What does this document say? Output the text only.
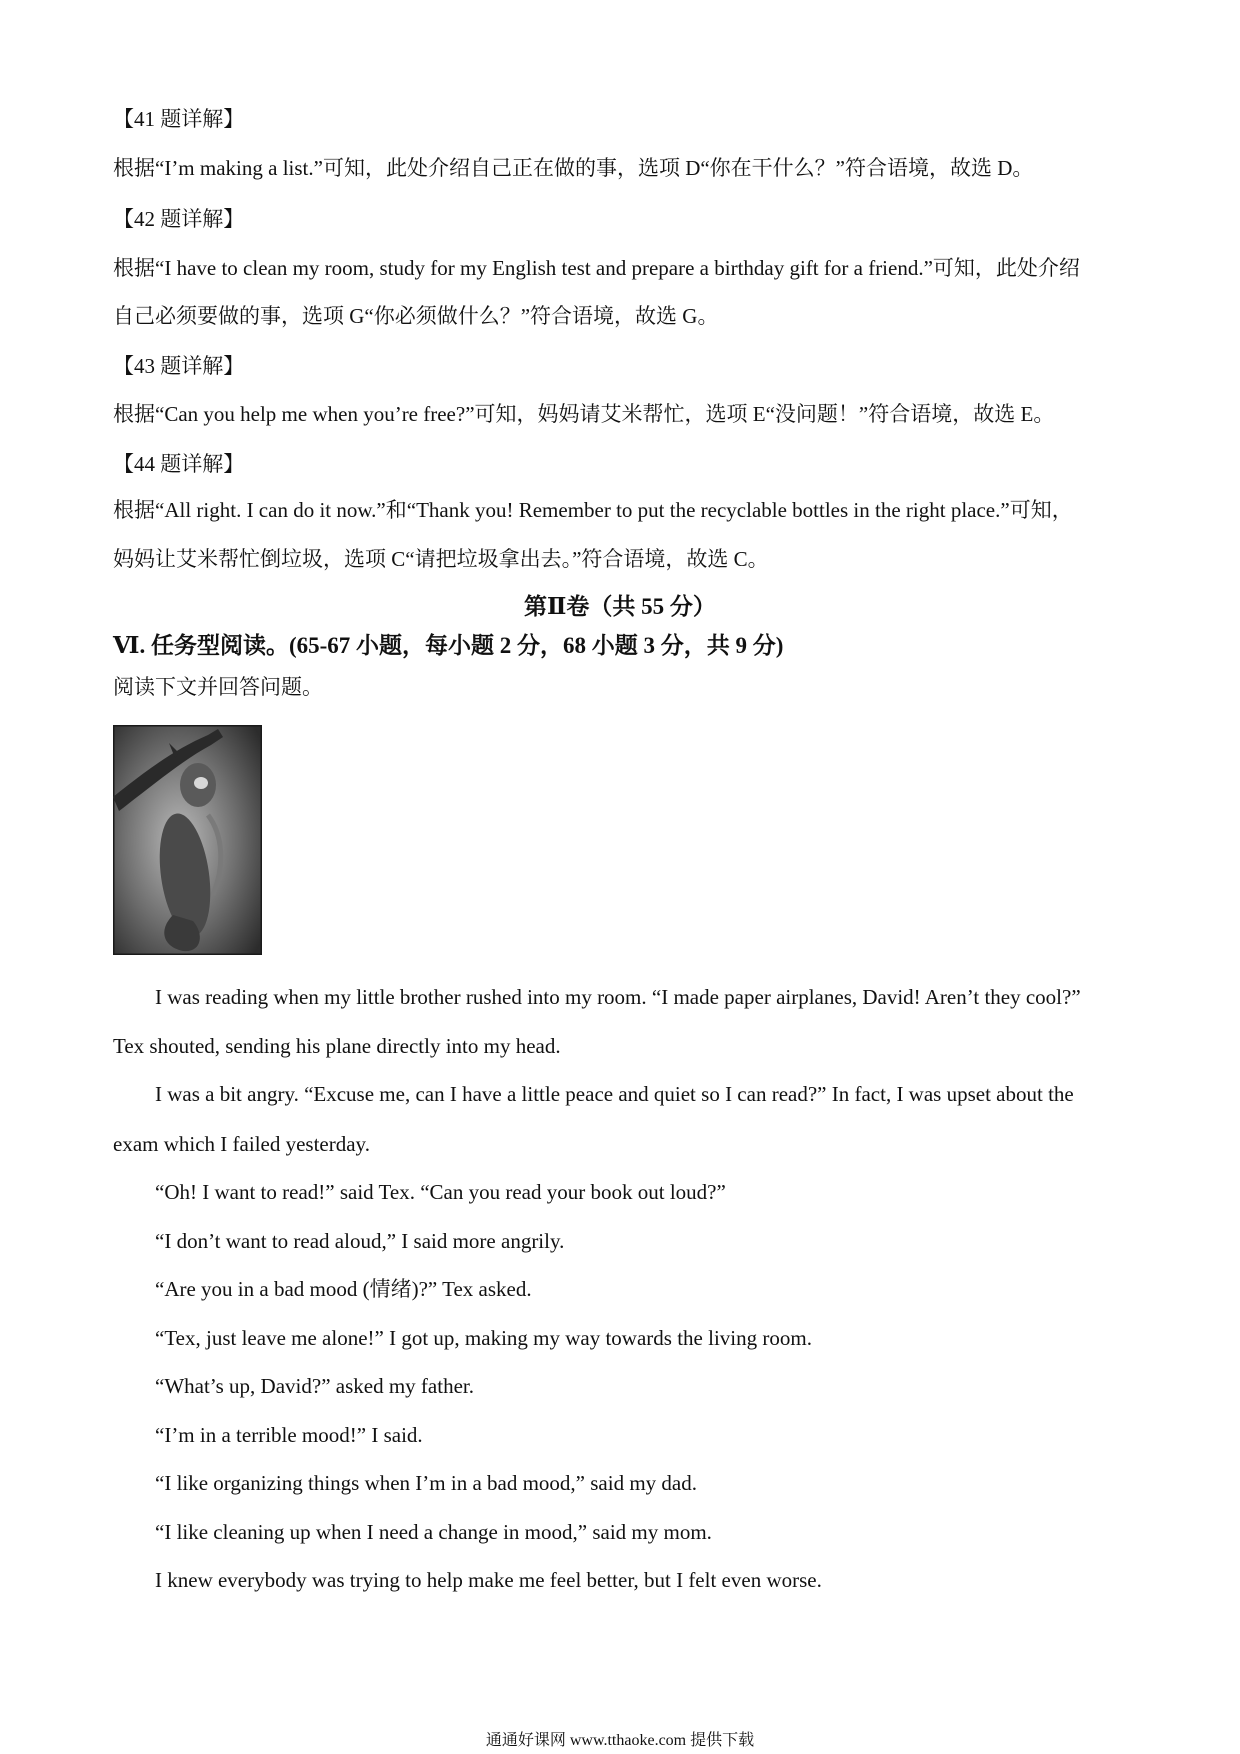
【41 题详解】
根据“I’m making a list.”可知，此处介绍自己正在做的事，选项 D“你在干什么？”符合语境，故选 D。
【42 题详解】
根据“I have to clean my room, study for my English test and prepare a birthday gift for a friend.”可知，此处介绍
自己必须要做的事，选项 G“你必须做什么？”符合语境，故选 G。
【43 题详解】
根据“Can you help me when you’re free?”可知，妈妈请艾米帮忙，选项 E“没问题！”符合语境，故选 E。
【44 题详解】
根据“All right. I can do it now.”和“Thank you! Remember to put the recyclable bottles in the right place.”可知，
妈妈让艾米帮忙倒垃圾，选项 C“请把垃圾拿出去。”符合语境，故选 C。
第Ⅱ卷（共 55 分）
Ⅵ. 任务型阅读。(65-67 小题，每小题 2 分，68 小题 3 分，共 9 分)
阅读下文并回答问题。
I was reading when my little brother rushed into my room. “I made paper airplanes, David! Aren’t they cool?”
Tex shouted, sending his plane directly into my head.
I was a bit angry. “Excuse me, can I have a little peace and quiet so I can read?” In fact, I was upset about the
exam which I failed yesterday.
“Oh! I want to read!” said Tex. “Can you read your book out loud?”
“I don’t want to read aloud,” I said more angrily.
“Are you in a bad mood (情绪)?” Tex asked.
“Tex, just leave me alone!” I got up, making my way towards the living room.
“What’s up, David?” asked my father.
“I’m in a terrible mood!” I said.
“I like organizing things when I’m in a bad mood,” said my dad.
“I like cleaning up when I need a change in mood,” said my mom.
I knew everybody was trying to help make me feel better, but I felt even worse.
通通好课网 www.tthaoke.com 提供下载
